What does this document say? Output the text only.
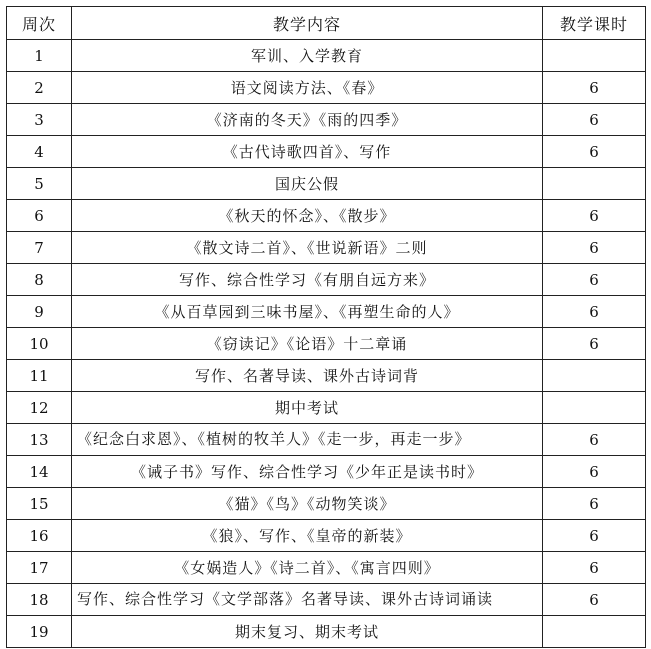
周次	教学内容	教学课时
1	军训、入学教育	
2	语文阅读方法、《春》	6
3	《济南的冬天》《雨的四季》	6
4	《古代诗歌四首》、写作	6
5	国庆公假	
6	《秋天的怀念》、《散步》	6
7	《散文诗二首》、《世说新语》二则	6
8	写作、综合性学习《有朋自远方来》	6
9	《从百草园到三味书屋》、《再塑生命的人》	6
10	《窃读记》《论语》十二章诵	6
11	写作、名著导读、课外古诗词背	
12	期中考试	
13	《纪念白求恩》、《植树的牧羊人》《走一步，再走一步》	6
14	《诫子书》写作、综合性学习《少年正是读书时》	6
15	《猫》《鸟》《动物笑谈》	6
16	《狼》、写作、《皇帝的新装》	6
17	《女娲造人》《诗二首》、《寓言四则》	6
18	写作、综合性学习《文学部落》名著导读、课外古诗词诵读	6
19	期末复习、期末考试	
